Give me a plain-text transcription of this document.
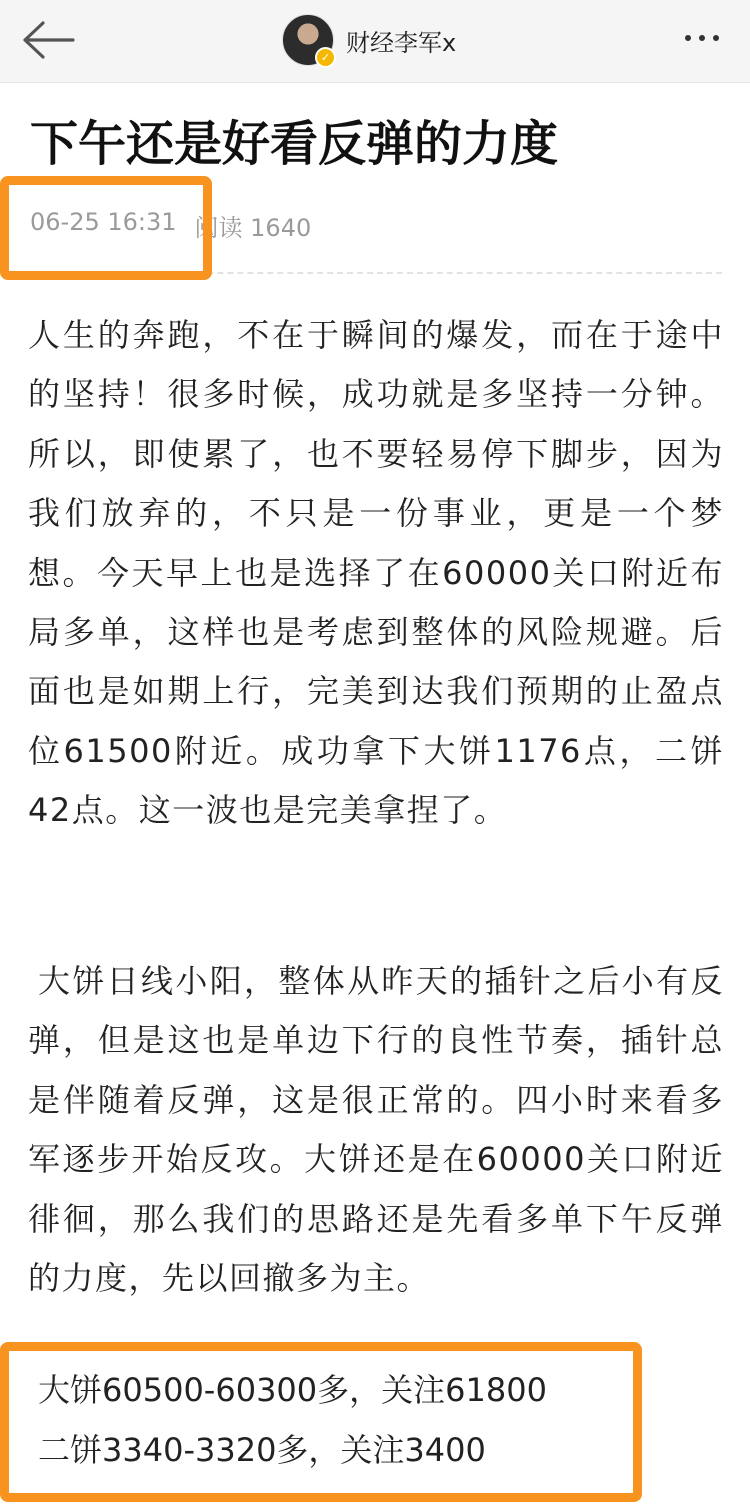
✓
财经李军x
下午还是好看反弹的力度
06-25 16:31 阅读 1640

人生的奔跑，不在于瞬间的爆发，而在于途中的坚持！很多时候，成功就是多坚持一分钟。所以，即使累了，也不要轻易停下脚步，因为我们放弃的，不只是一份事业，更是一个梦想。今天早上也是选择了在60000关口附近布局多单，这样也是考虑到整体的风险规避。后面也是如期上行，完美到达我们预期的止盈点位61500附近。成功拿下大饼1176点，二饼42点。这一波也是完美拿捏了。

大饼日线小阳，整体从昨天的插针之后小有反弹，但是这也是单边下行的良性节奏，插针总是伴随着反弹，这是很正常的。四小时来看多军逐步开始反攻。大饼还是在60000关口附近徘徊，那么我们的思路还是先看多单下午反弹的力度，先以回撤多为主。

大饼60500-60300多，关注61800
二饼3340-3320多，关注3400
